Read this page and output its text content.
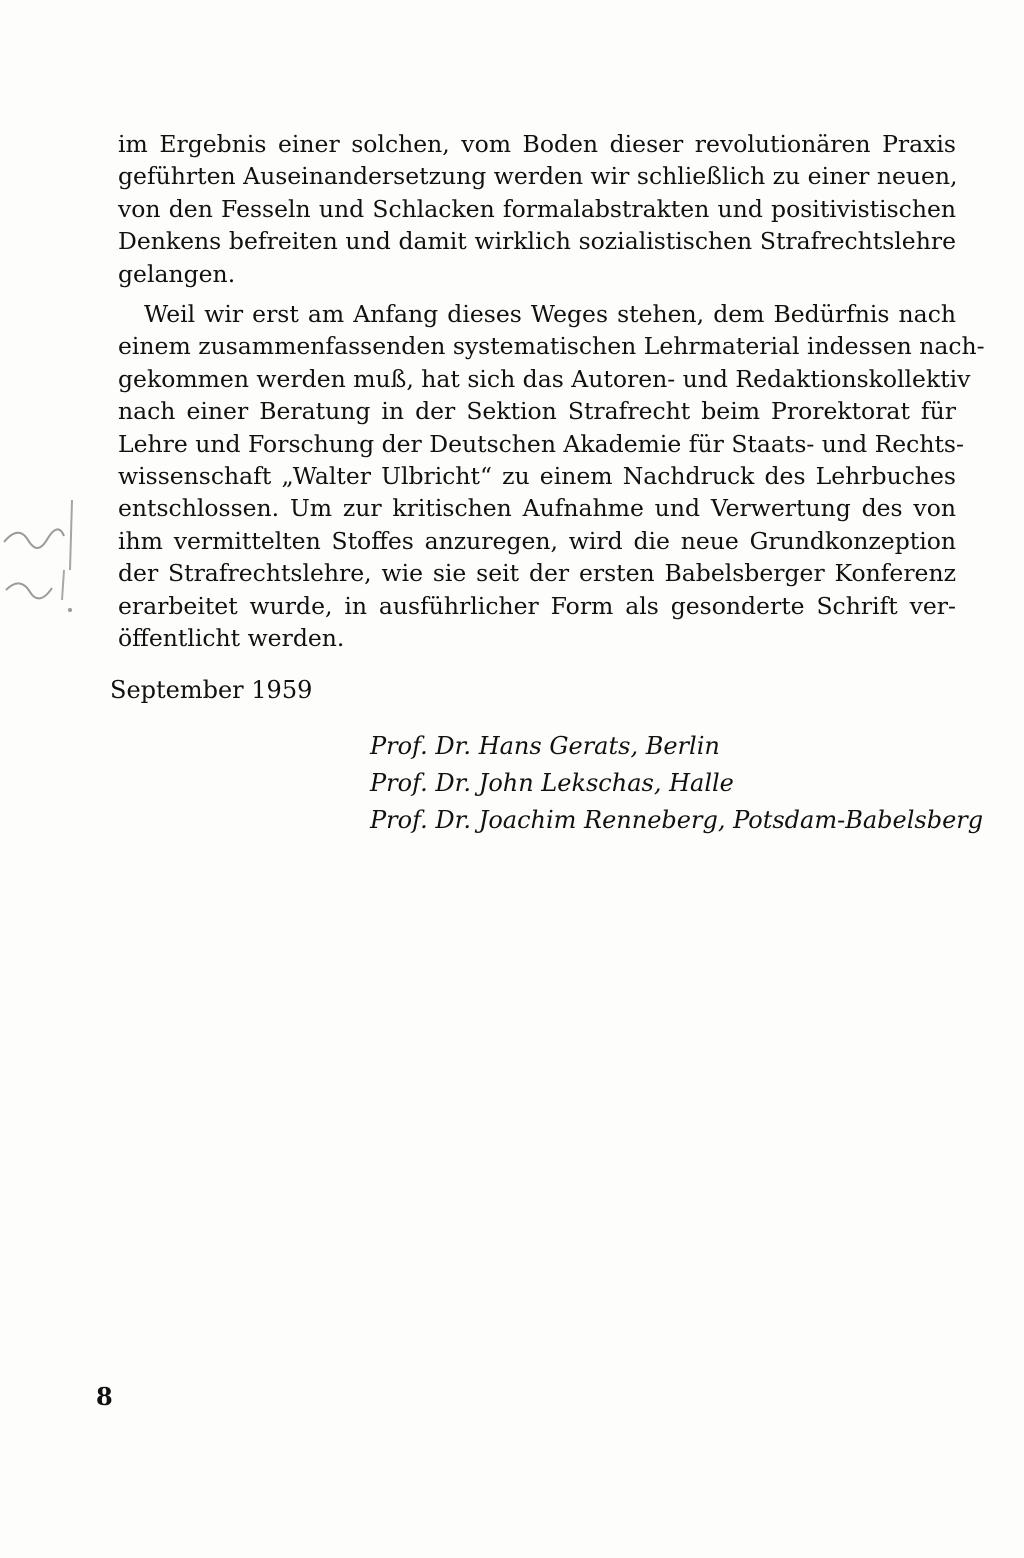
im Ergebnis einer solchen, vom Boden dieser revolutionären Praxis
geführten Auseinandersetzung werden wir schließlich zu einer neuen,
von den Fesseln und Schlacken formalabstrakten und positivistischen
Denkens befreiten und damit wirklich sozialistischen Strafrechtslehre
gelangen.
Weil wir erst am Anfang dieses Weges stehen, dem Bedürfnis nach
einem zusammenfassenden systematischen Lehrmaterial indessen nach-
gekommen werden muß, hat sich das Autoren- und Redaktionskollektiv
nach einer Beratung in der Sektion Strafrecht beim Prorektorat für
Lehre und Forschung der Deutschen Akademie für Staats- und Rechts-
wissenschaft „Walter Ulbricht“ zu einem Nachdruck des Lehrbuches
entschlossen. Um zur kritischen Aufnahme und Verwertung des von
ihm vermittelten Stoffes anzuregen, wird die neue Grundkonzeption
der Strafrechtslehre, wie sie seit der ersten Babelsberger Konferenz
erarbeitet wurde, in ausführlicher Form als gesonderte Schrift ver-
öffentlicht werden.
September 1959
Prof. Dr. Hans Gerats, Berlin
Prof. Dr. John Lekschas, Halle
Prof. Dr. Joachim Renneberg, Potsdam-Babelsberg
8
